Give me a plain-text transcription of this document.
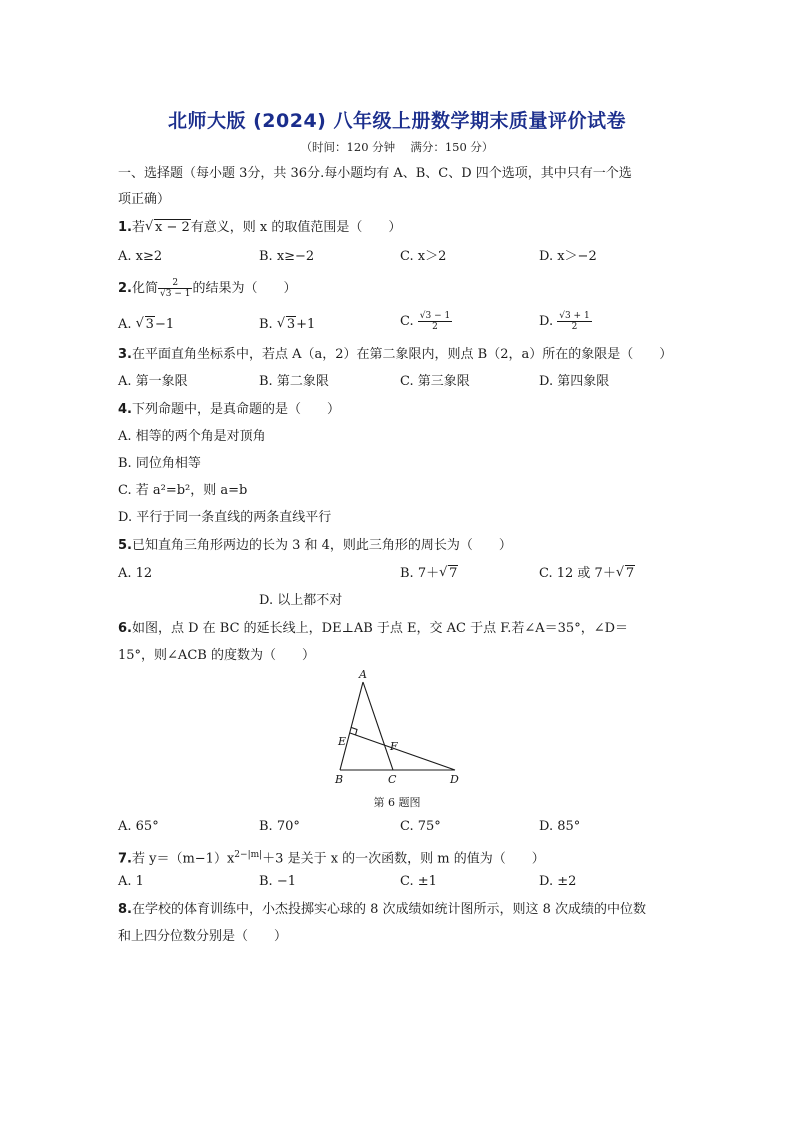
北师大版 (2024) 八年级上册数学期末质量评价试卷
（时间：120 分钟　 满分：150 分）
一、选择题（每小题 3分，共 36分.每小题均有 A、B、C、D 四个选项，其中只有一个选
项正确）
1.若 √ x − 2有意义，则 x 的取值范围是（　　）
A. x≥2	B. x≥−2	C. x＞2	D. x＞−2
2.化简 $\frac{2}{√3 - 1}$ 的结果为（　　）
A. √ 3−1	B. √ 3+1	C. $\frac{√3 - 1}{2}$	D. $\frac{√3 + 1}{2}$
3.在平面直角坐标系中，若点 A（a，2）在第二象限内，则点 B（2，a）所在的象限是（　　）
A. 第一象限	B. 第二象限	C. 第三象限	D. 第四象限
4.下列命题中，是真命题的是（　　）
A. 相等的两个角是对顶角
B. 同位角相等
C. 若 a²=b²，则 a=b
D. 平行于同一条直线的两条直线平行
5.已知直角三角形两边的长为 3 和 4，则此三角形的周长为（　　）
A. 12	B. 7＋ √ 7	C. 12 或 7＋ √ 7
D. 以上都不对
6.如图，点 D 在 BC 的延长线上，DE⊥AB 于点 E，交 AC 于点 F.若∠A＝35°，∠D＝
15°，则∠ACB 的度数为（　　）
A
E	F
B	C	D
第 6 题图
A. 65°	B. 70°	C. 75°	D. 85°
7.若 $y=(m-1)x^{2-|m|}+3$ 是关于 x 的一次函数，则 m 的值为（　　）
A. 1	B. −1	C. ±1	D. ±2
8.在学校的体育训练中，小杰投掷实心球的 8 次成绩如统计图所示，则这 8 次成绩的中位数
和上四分位数分别是（　　）
